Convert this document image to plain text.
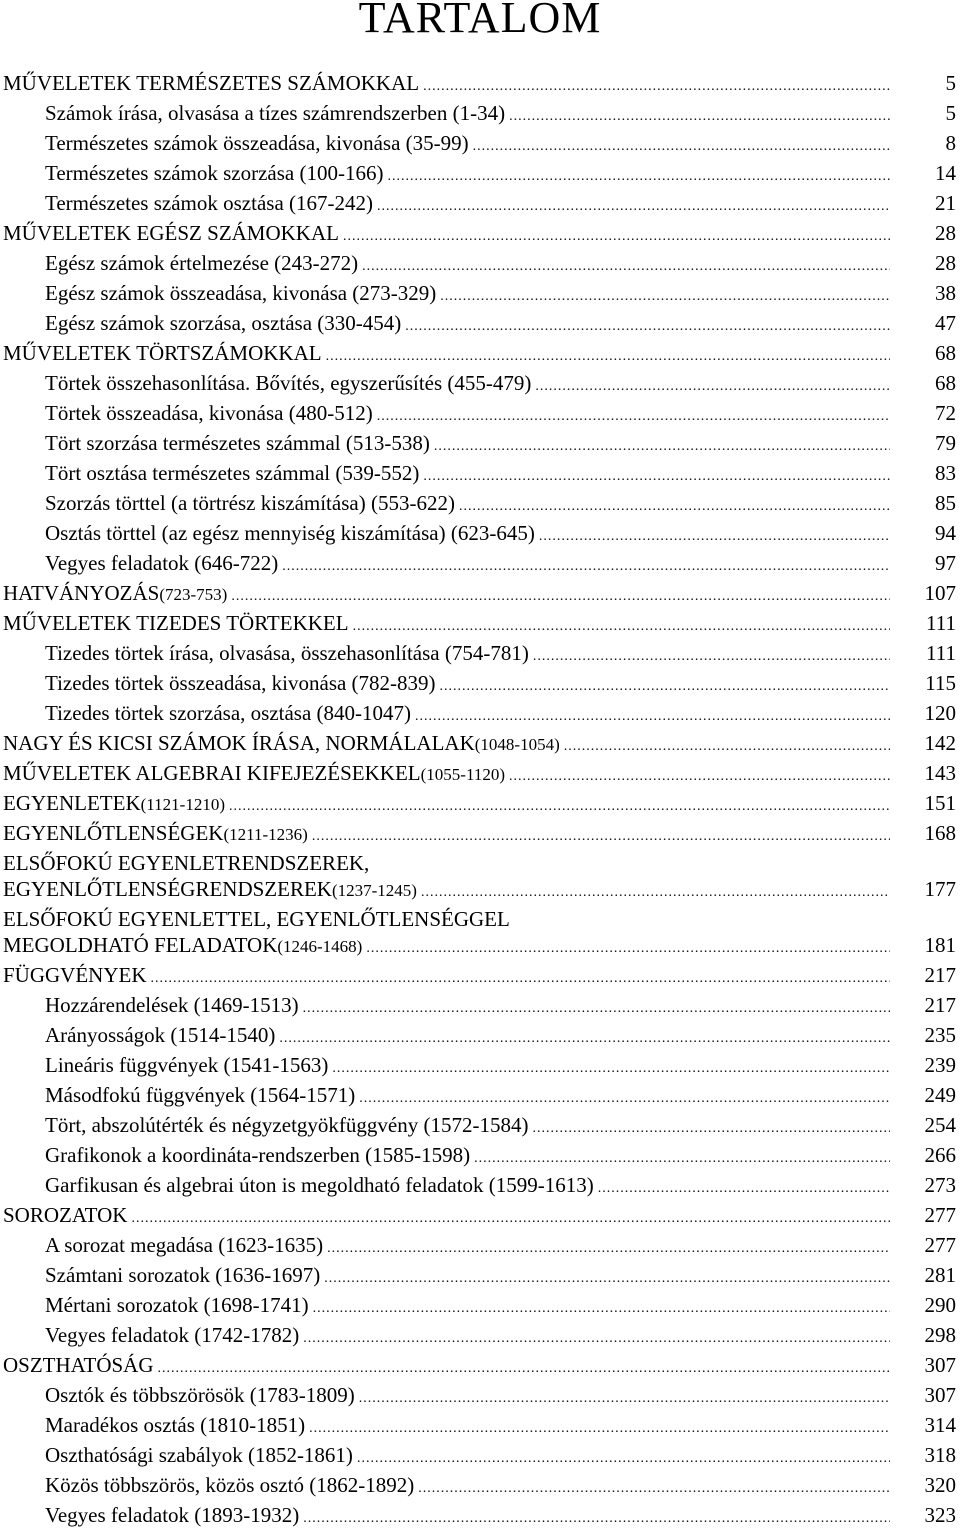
TARTALOM
MŰVELETEK TERMÉSZETES SZÁMOKKAL .....	5
Számok írása, olvasása a tízes számrendszerben (1-34) .....	5
Természetes számok összeadása, kivonása (35-99) .....	8
Természetes számok szorzása (100-166) .....	14
Természetes számok osztása (167-242) .....	21
MŰVELETEK EGÉSZ SZÁMOKKAL .....	28
Egész számok értelmezése (243-272) .....	28
Egész számok összeadása, kivonása (273-329) .....	38
Egész számok szorzása, osztása (330-454) .....	47
MŰVELETEK TÖRTSZÁMOKKAL .....	68
Törtek összehasonlítása. Bővítés, egyszerűsítés (455-479) .....	68
Törtek összeadása, kivonása (480-512) .....	72
Tört szorzása természetes számmal (513-538) .....	79
Tört osztása természetes számmal (539-552) .....	83
Szorzás törttel (a törtrész kiszámítása) (553-622) .....	85
Osztás törttel (az egész mennyiség kiszámítása) (623-645) .....	94
Vegyes feladatok (646-722) .....	97
HATVÁNYOZÁS (723-753) .....	107
MŰVELETEK TIZEDES TÖRTEKKEL .....	111
Tizedes törtek írása, olvasása, összehasonlítása (754-781) .....	111
Tizedes törtek összeadása, kivonása (782-839) .....	115
Tizedes törtek szorzása, osztása (840-1047) .....	120
NAGY ÉS KICSI SZÁMOK ÍRÁSA, NORMÁLALAK (1048-1054) .....	142
MŰVELETEK ALGEBRAI KIFEJEZÉSEKKEL (1055-1120) .....	143
EGYENLETEK (1121-1210) .....	151
EGYENLŐTLENSÉGEK (1211-1236) .....	168
ELSŐFOKÚ EGYENLETRENDSZEREK,
EGYENLŐTLENSÉGRENDSZEREK (1237-1245) .....	177
ELSŐFOKÚ EGYENLETTEL, EGYENLŐTLENSÉGGEL
MEGOLDHATÓ FELADATOK (1246-1468) .....	181
FÜGGVÉNYEK .....	217
Hozzárendelések (1469-1513) .....	217
Arányosságok (1514-1540) .....	235
Lineáris függvények (1541-1563) .....	239
Másodfokú függvények (1564-1571) .....	249
Tört, abszolútérték és négyzetgyökfüggvény (1572-1584) .....	254
Grafikonok a koordináta-rendszerben (1585-1598) .....	266
Garfikusan és algebrai úton is megoldható feladatok (1599-1613) .....	273
SOROZATOK .....	277
A sorozat megadása (1623-1635) .....	277
Számtani sorozatok (1636-1697) .....	281
Mértani sorozatok (1698-1741) .....	290
Vegyes feladatok (1742-1782) .....	298
OSZTHATÓSÁG .....	307
Osztók és többszörösök (1783-1809) .....	307
Maradékos osztás (1810-1851) .....	314
Oszthatósági szabályok (1852-1861) .....	318
Közös többszörös, közös osztó (1862-1892) .....	320
Vegyes feladatok (1893-1932) .....	323
